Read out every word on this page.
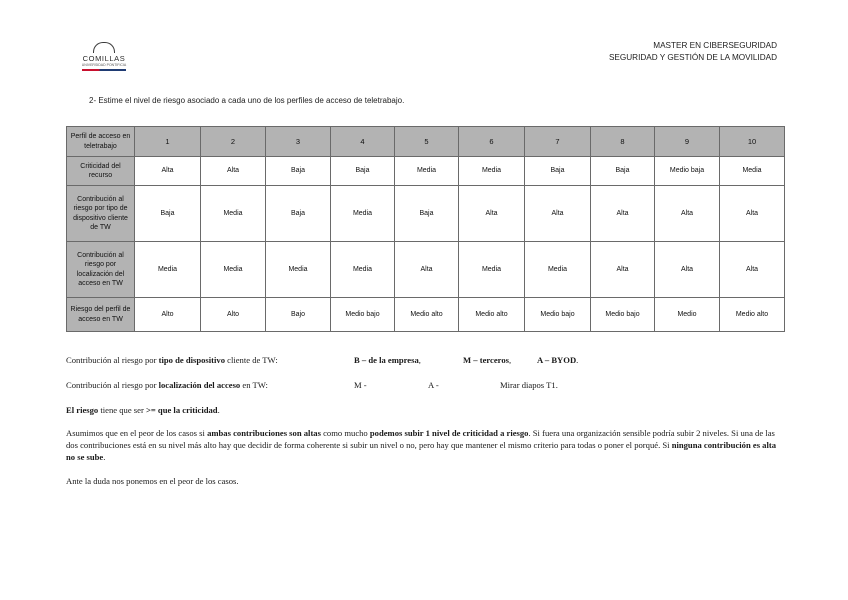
COMILLAS
UNIVERSIDAD PONTIFICIA
MASTER EN CIBERSEGURIDAD
SEGURIDAD Y GESTIÓN DE LA MOVILIDAD
2- Estime el nivel de riesgo asociado a cada uno de los perfiles de acceso de teletrabajo.
Perfil de acceso en teletrabajo	1	2	3	4	5	6	7	8	9	10
Criticidad del recurso	Alta	Alta	Baja	Baja	Media	Media	Baja	Baja	Medio baja	Media
Contribución al riesgo por tipo de dispositivo cliente de TW	Baja	Media	Baja	Media	Baja	Alta	Alta	Alta	Alta	Alta
Contribución al riesgo por localización del acceso en TW	Media	Media	Media	Media	Alta	Media	Media	Alta	Alta	Alta
Riesgo del perfil de acceso en TW	Alto	Alto	Bajo	Medio bajo	Medio alto	Medio alto	Medio bajo	Medio bajo	Medio	Medio alto
Contribución al riesgo por tipo de dispositivo cliente de TW:	B – de la empresa,	M – terceros,	A – BYOD.
Contribución al riesgo por localización del acceso en TW:	M -	A -	Mirar diapos T1.
El riesgo tiene que ser >= que la criticidad.
Asumimos que en el peor de los casos si ambas contribuciones son altas como mucho podemos subir 1 nivel de criticidad a riesgo. Si fuera una organización sensible podría subir 2 niveles. Si una de las dos contribuciones está en su nivel más alto hay que decidir de forma coherente si subir un nivel o no, pero hay que mantener el mismo criterio para todas o poner el porqué. Si ninguna contribución es alta no se sube.
Ante la duda nos ponemos en el peor de los casos.
